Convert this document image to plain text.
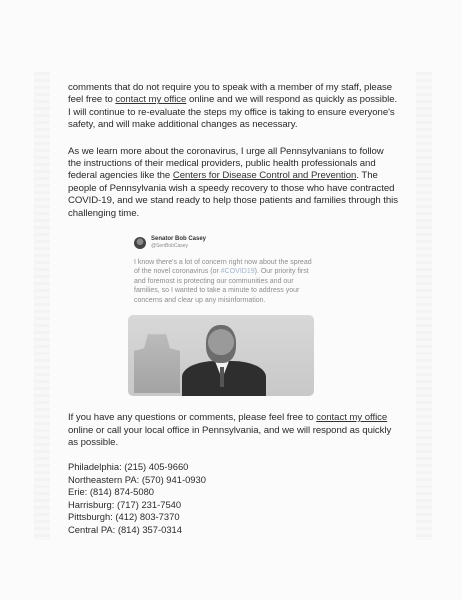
comments that do not require you to speak with a member of my staff, please feel free to contact my office online and we will respond as quickly as possible. I will continue to re-evaluate the steps my office is taking to ensure everyone's safety, and will make additional changes as necessary.

As we learn more about the coronavirus, I urge all Pennsylvanians to follow the instructions of their medical providers, public health professionals and federal agencies like the Centers for Disease Control and Prevention. The people of Pennsylvania wish a speedy recovery to those who have contracted COVID-19, and we stand ready to help those patients and families through this challenging time.

Senator Bob Casey
@SenBobCasey
I know there's a lot of concern right now about the spread of the novel coronavirus (or #COVID19). Our priority first and foremost is protecting our communities and our families, so I wanted to take a minute to address your concerns and clear up any misinformation.

If you have any questions or comments, please feel free to contact my office online or call your local office in Pennsylvania, and we will respond as quickly as possible.

Philadelphia: (215) 405-9660
Northeastern PA: (570) 941-0930
Erie: (814) 874-5080
Harrisburg: (717) 231-7540
Pittsburgh: (412) 803-7370
Central PA: (814) 357-0314
